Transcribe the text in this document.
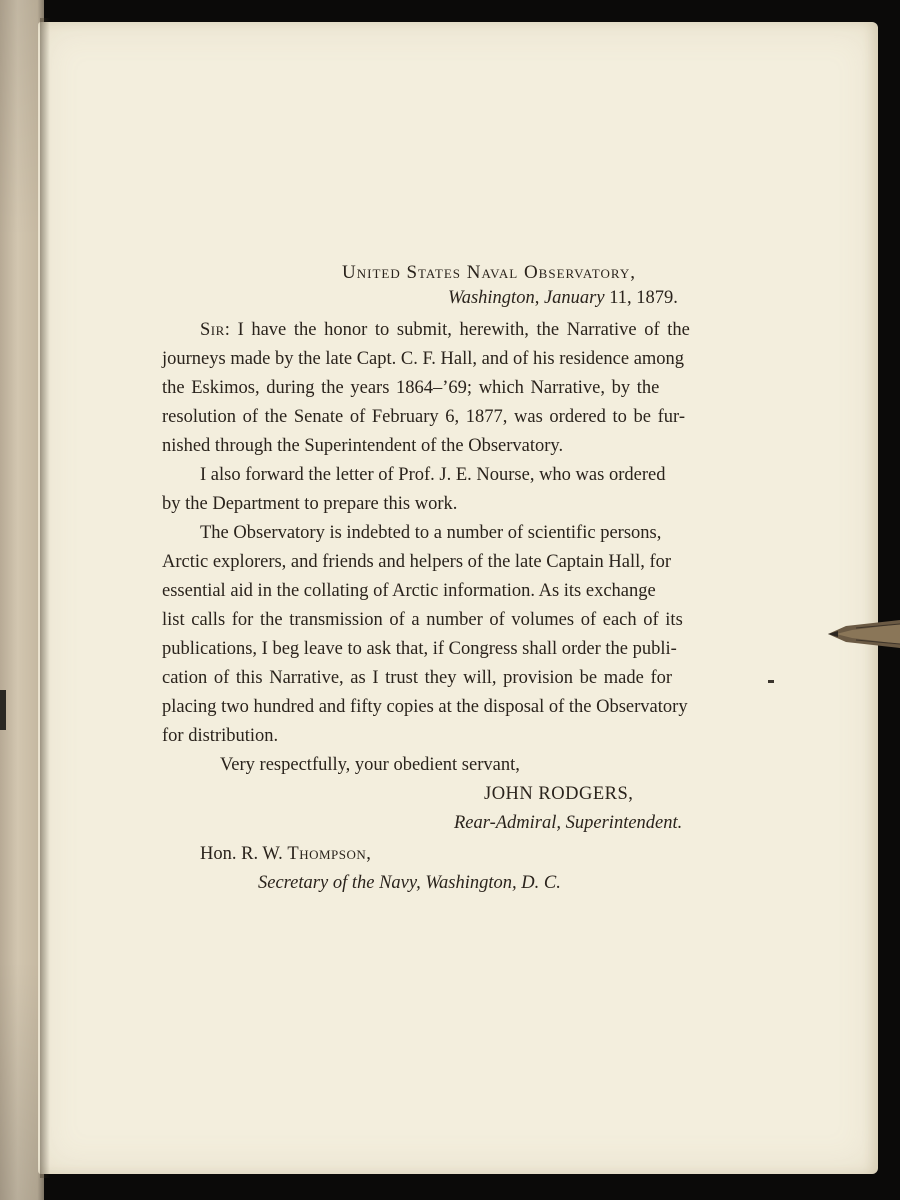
United States Naval Observatory,
Washington, January 11, 1879.
Sir: I have the honor to submit, herewith, the Narrative of the
journeys made by the late Capt. C. F. Hall, and of his residence among
the Eskimos, during the years 1864–’69; which Narrative, by the
resolution of the Senate of February 6, 1877, was ordered to be fur-
nished through the Superintendent of the Observatory.
I also forward the letter of Prof. J. E. Nourse, who was ordered
by the Department to prepare this work.
The Observatory is indebted to a number of scientific persons,
Arctic explorers, and friends and helpers of the late Captain Hall, for
essential aid in the collating of Arctic information. As its exchange
list calls for the transmission of a number of volumes of each of its
publications, I beg leave to ask that, if Congress shall order the publi-
cation of this Narrative, as I trust they will, provision be made for
placing two hundred and fifty copies at the disposal of the Observatory
for distribution.
Very respectfully, your obedient servant,
JOHN RODGERS,
Rear-Admiral, Superintendent.
Hon. R. W. Thompson,
Secretary of the Navy, Washington, D. C.
